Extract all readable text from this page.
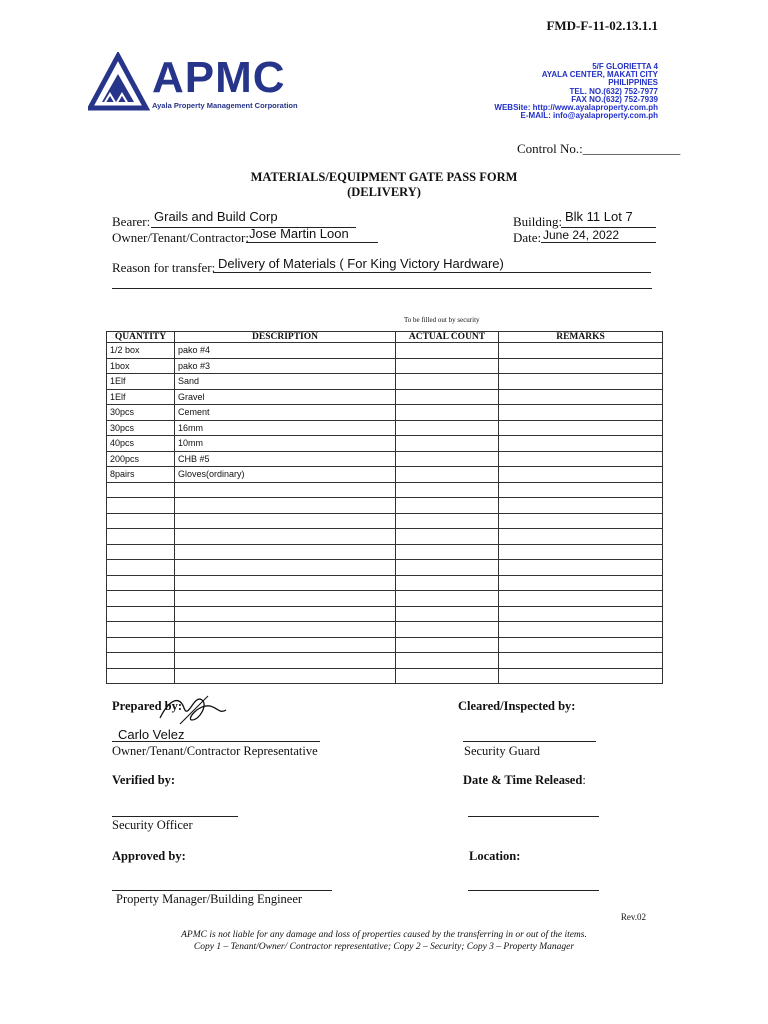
FMD-F-11-02.13.1.1
APMC
Ayala Property Management Corporation
5/F GLORIETTA 4
AYALA CENTER, MAKATI CITY
PHILIPPINES
TEL. NO.(632) 752-7977
FAX NO.(632) 752-7939
WEBSite: http://www.ayalaproperty.com.ph
E-MAIL: info@ayalaproperty.com.ph
Control No.:_______________
MATERIALS/EQUIPMENT GATE PASS FORM
(DELIVERY)
Bearer: Grails and Build Corp
Owner/Tenant/Contractor: Jose Martin Loon
Building: Blk 11 Lot 7
Date: June 24, 2022
Reason for transfer: Delivery of Materials ( For King Victory Hardware)
To be filled out by security
QUANTITY	DESCRIPTION	ACTUAL COUNT	REMARKS
1/2 box	pako #4		
1box	pako #3		
1Elf	Sand		
1Elf	Gravel		
30pcs	Cement		
30pcs	16mm		
40pcs	10mm		
200pcs	CHB #5		
8pairs	Gloves(ordinary)		

Prepared by:
Carlo Velez
Owner/Tenant/Contractor Representative
Cleared/Inspected by:
Security Guard
Verified by:
Security Officer
Date & Time Released:
Approved by:
Property Manager/Building Engineer
Location:
Rev.02
APMC is not liable for any damage and loss of properties caused by the transferring in or out of the items.
Copy 1 – Tenant/Owner/ Contractor representative; Copy 2 – Security; Copy 3 – Property Manager
